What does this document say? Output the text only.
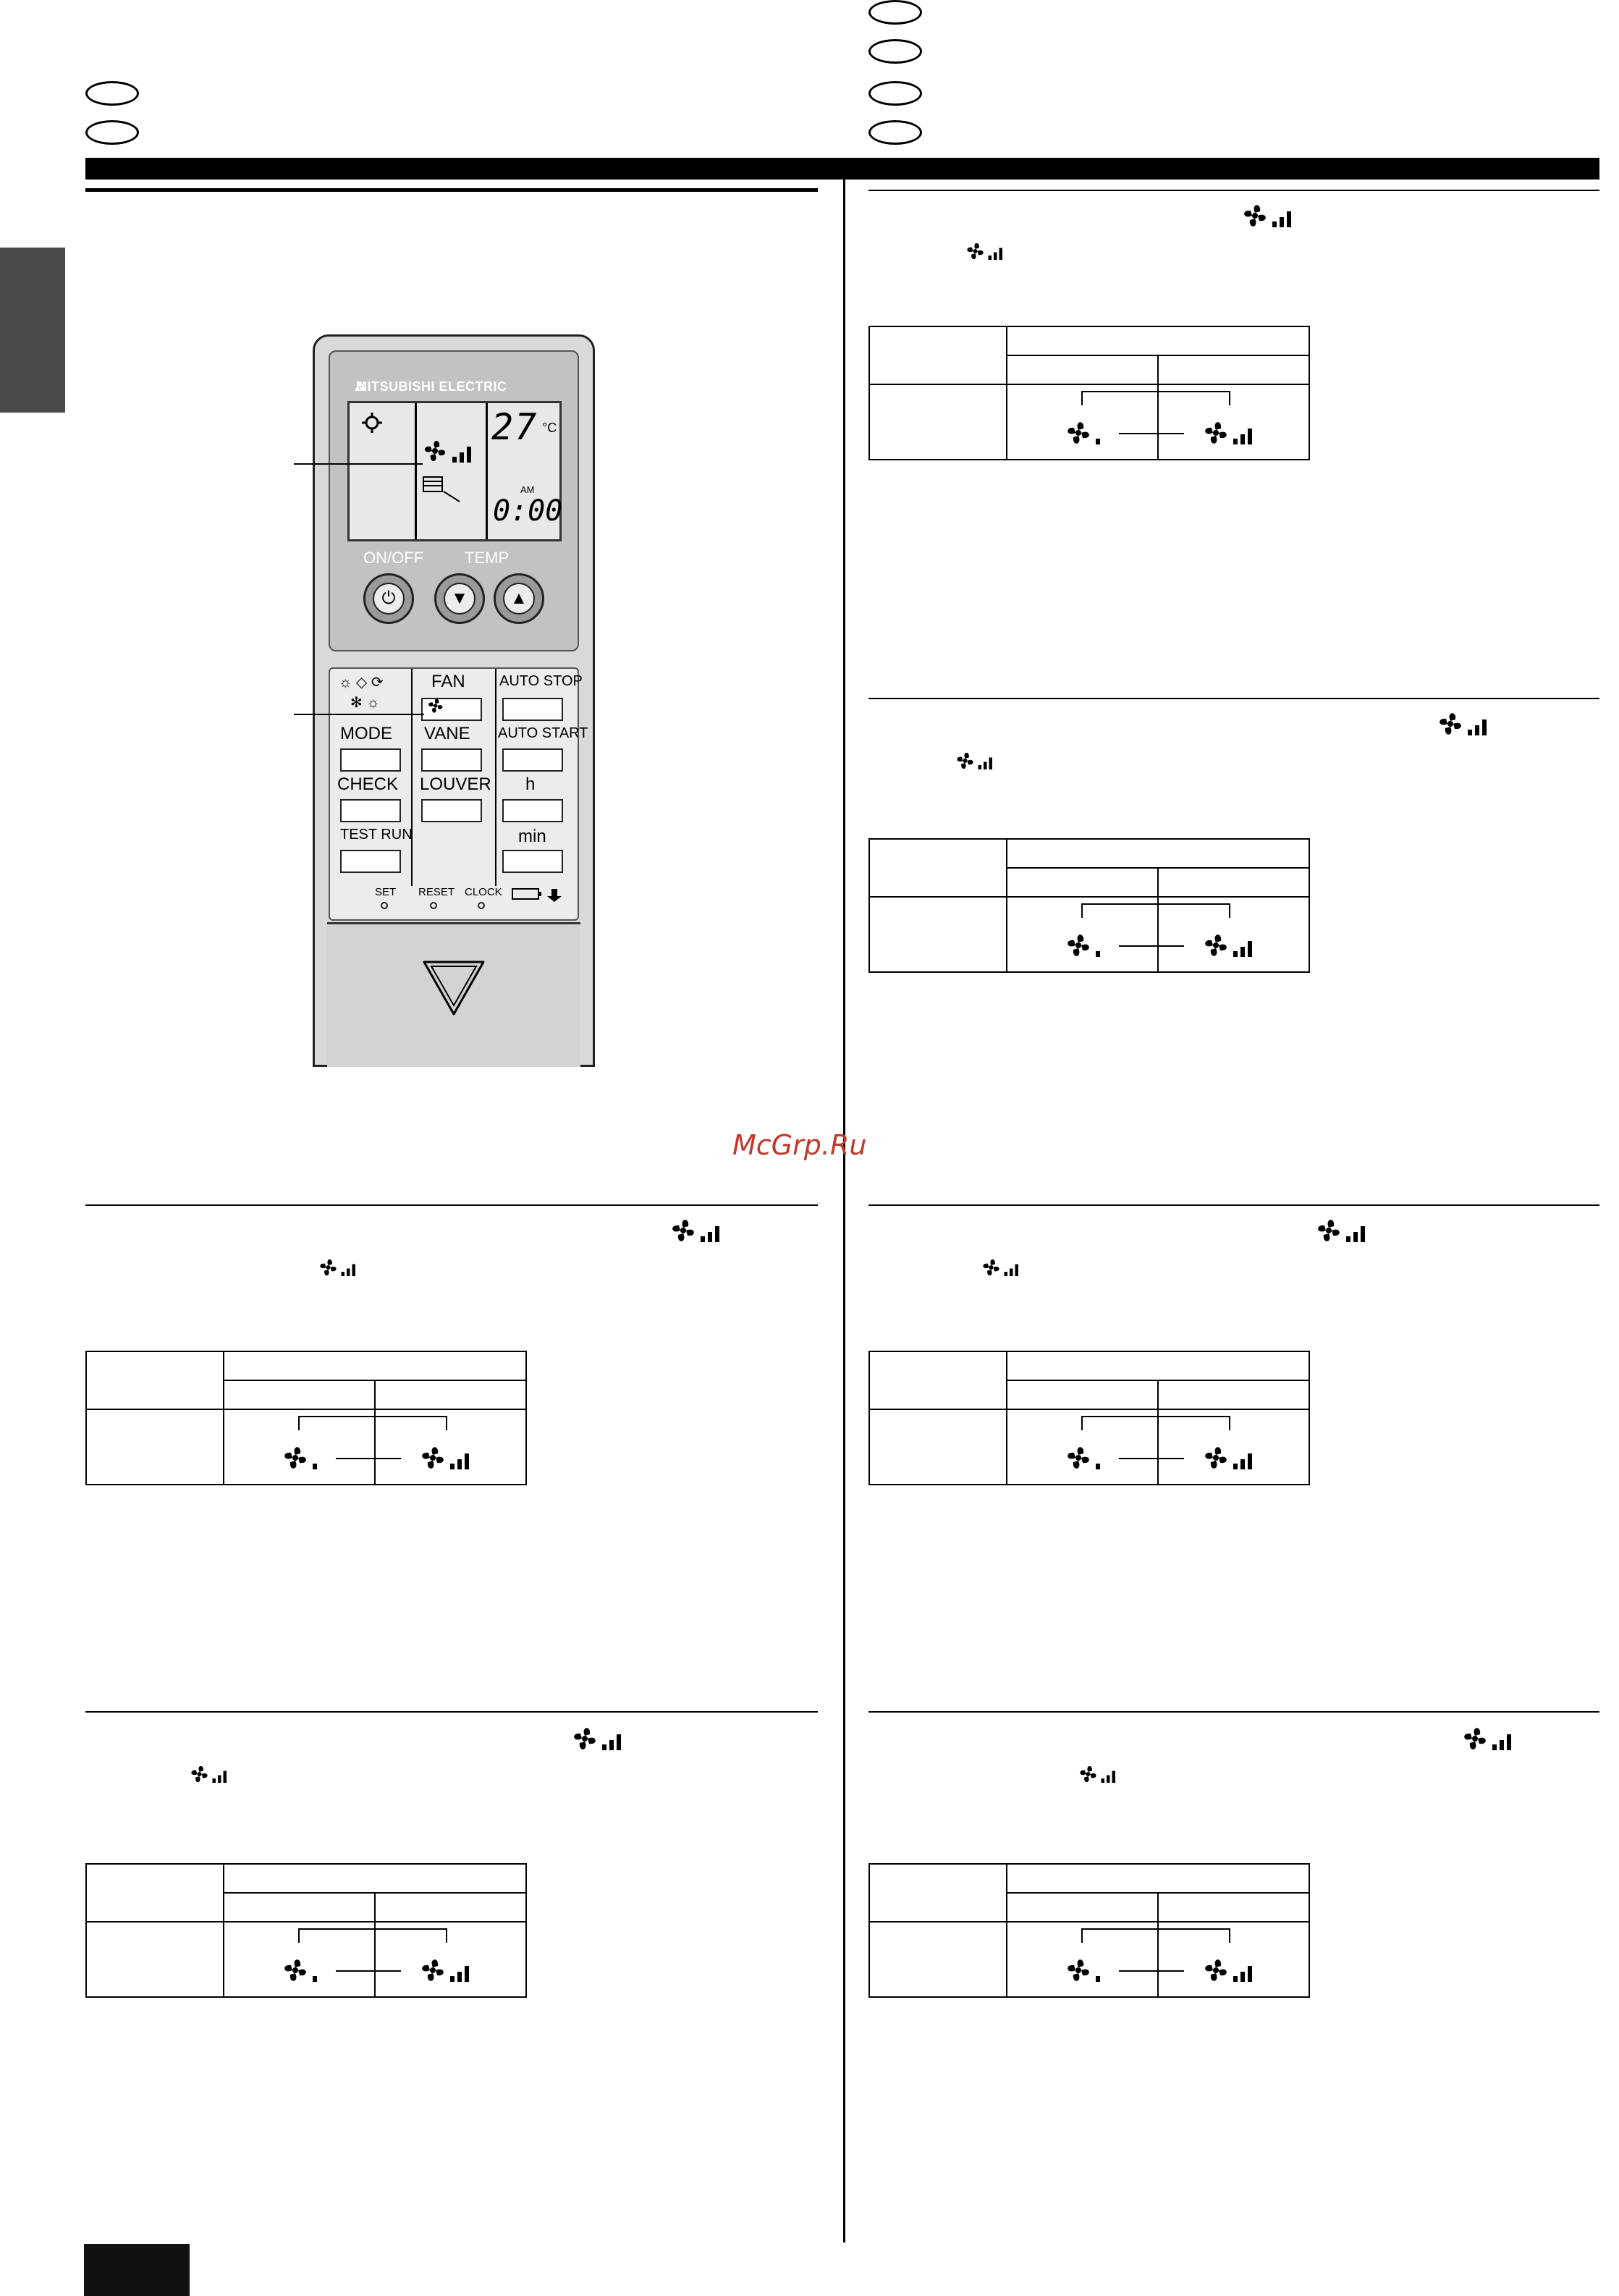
McGrp.Ru
MITSUBISHI ELECTRIC
27 °C
AM
0:00
ON/OFF	TEMP
⏻	▼	▲
☼ ◇ ⟳
✻ ☼
FAN AUTO STOP
MODE VANE AUTO START
CHECK LOUVER h
TEST RUN	min
SET RESET CLOCK
